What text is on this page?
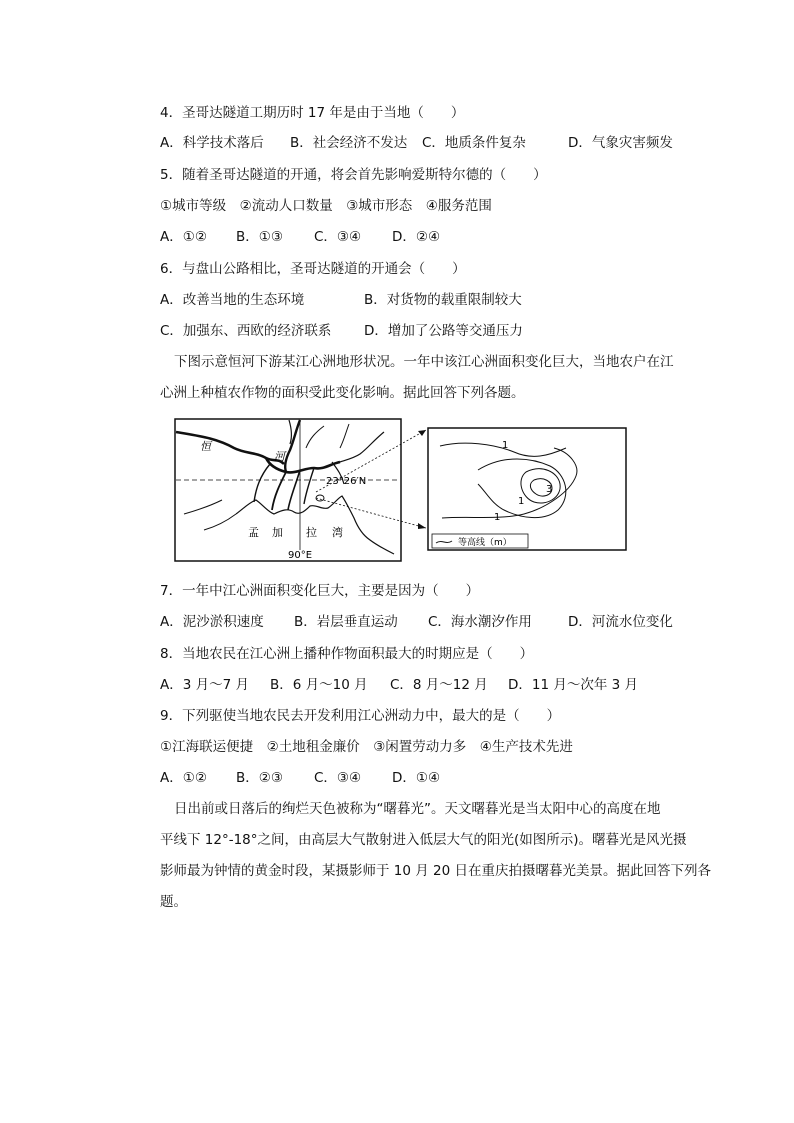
4．圣哥达隧道工期历时 17 年是由于当地（　　）
A．科学技术落后 B．社会经济不发达 C．地质条件复杂	D．气象灾害频发
5．随着圣哥达隧道的开通，将会首先影响爱斯特尔德的（　　）
①城市等级　②流动人口数量　③城市形态　④服务范围
A．①② B．①③ C．③④ D．②④
6．与盘山公路相比，圣哥达隧道的开通会（　　）
A．改善当地的生态环境	B．对货物的载重限制较大
C．加强东、西欧的经济联系 D．增加了公路等交通压力
下图示意恒河下游某江心洲地形状况。一年中该江心洲面积变化巨大，当地农户在江
心洲上种植农作物的面积受此变化影响。据此回答下列各题。
恒
河
23°26′N
孟 加 拉 湾
90°E
1
1
1
3
等高线（m）
7．一年中江心洲面积变化巨大，主要是因为（　　）
A．泥沙淤积速度 B．岩层垂直运动 C．海水潮汐作用	D．河流水位变化
8．当地农民在江心洲上播种作物面积最大的时期应是（　　）
A．3 月～7 月 B．6 月～10 月 C．8 月～12 月 D．11 月～次年 3 月
9．下列驱使当地农民去开发利用江心洲动力中，最大的是（　　）
①江海联运便捷　②土地租金廉价　③闲置劳动力多　④生产技术先进
A．①② B．②③ C．③④ D．①④
日出前或日落后的绚烂天色被称为“曙暮光”。天文曙暮光是当太阳中心的高度在地
平线下 12°-18°之间，由高层大气散射进入低层大气的阳光(如图所示)。曙暮光是风光摄
影师最为钟情的黄金时段，某摄影师于 10 月 20 日在重庆拍摄曙暮光美景。据此回答下列各
题。
